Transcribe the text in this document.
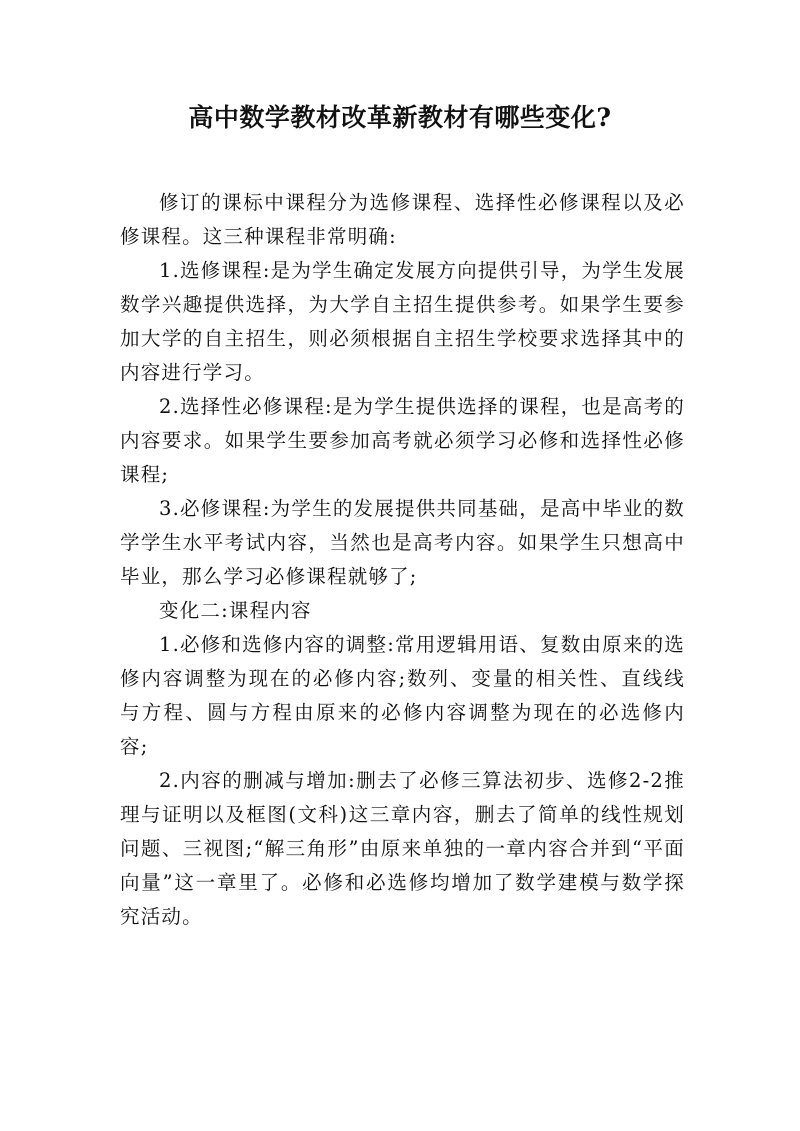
高中数学教材改革新教材有哪些变化?

修订的课标中课程分为选修课程、选择性必修课程以及必修课程。这三种课程非常明确:

1.选修课程:是为学生确定发展方向提供引导，为学生发展数学兴趣提供选择，为大学自主招生提供参考。如果学生要参加大学的自主招生，则必须根据自主招生学校要求选择其中的内容进行学习。

2.选择性必修课程:是为学生提供选择的课程，也是高考的内容要求。如果学生要参加高考就必须学习必修和选择性必修课程;

3.必修课程:为学生的发展提供共同基础，是高中毕业的数学学生水平考试内容，当然也是高考内容。如果学生只想高中毕业，那么学习必修课程就够了;

变化二:课程内容

1.必修和选修内容的调整:常用逻辑用语、复数由原来的选修内容调整为现在的必修内容;数列、变量的相关性、直线线与方程、圆与方程由原来的必修内容调整为现在的必选修内容;

2.内容的删减与增加:删去了必修三算法初步、选修2-2推理与证明以及框图(文科)这三章内容，删去了简单的线性规划问题、三视图;“解三角形”由原来单独的一章内容合并到“平面向量”这一章里了。必修和必选修均增加了数学建模与数学探究活动。
